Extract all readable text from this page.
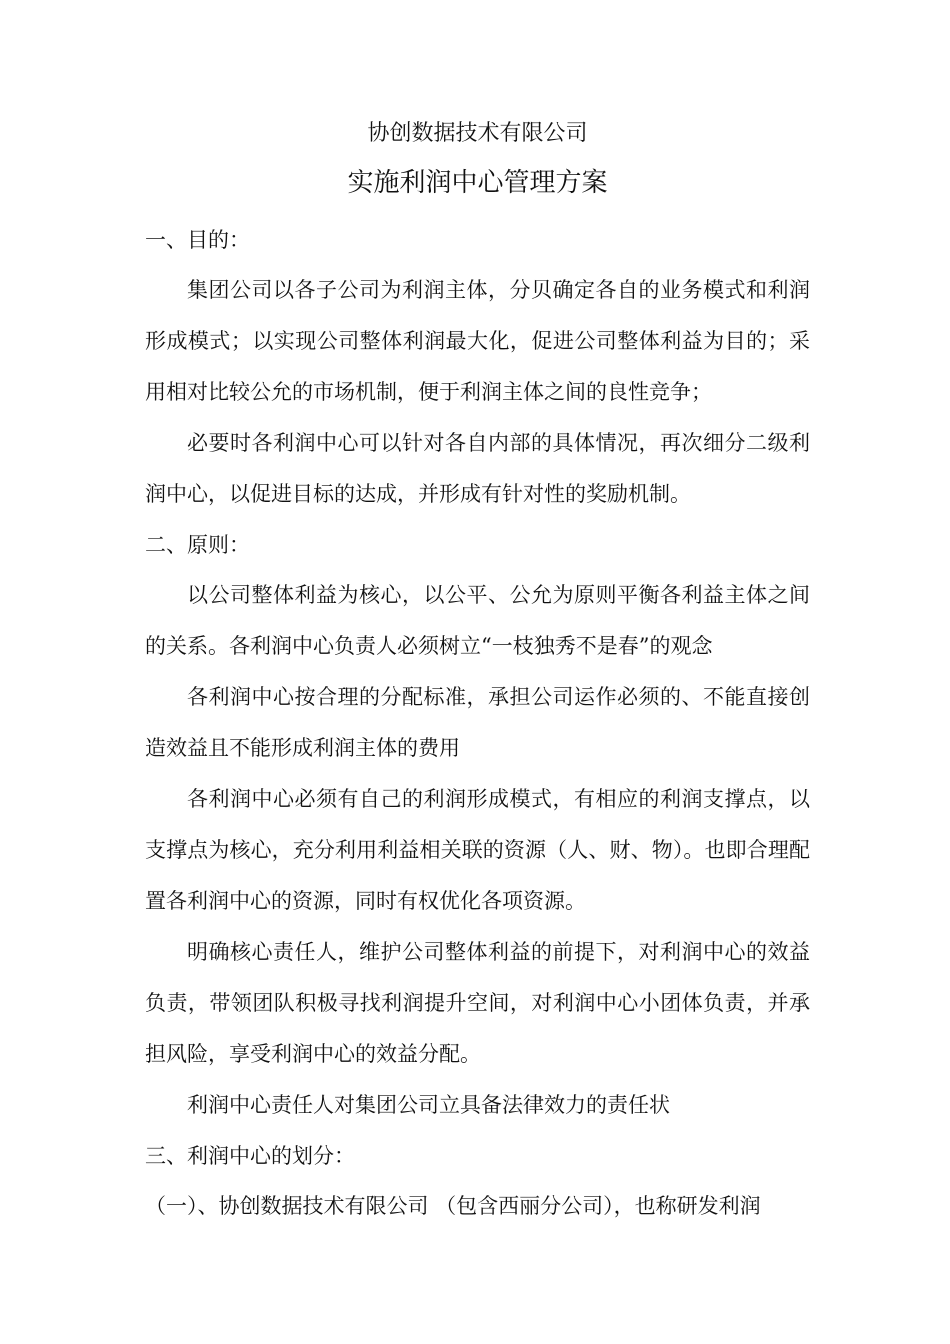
协创数据技术有限公司
实施利润中心管理方案
一、目的：

集团公司以各子公司为利润主体，分贝确定各自的业务模式和利润形成模式；以实现公司整体利润最大化，促进公司整体利益为目的；采用相对比较公允的市场机制，便于利润主体之间的良性竞争；

必要时各利润中心可以针对各自内部的具体情况，再次细分二级利润中心，以促进目标的达成，并形成有针对性的奖励机制。

二、原则：

以公司整体利益为核心，以公平、公允为原则平衡各利益主体之间的关系。各利润中心负责人必须树立“一枝独秀不是春”的观念

各利润中心按合理的分配标准，承担公司运作必须的、不能直接创造效益且不能形成利润主体的费用

各利润中心必须有自己的利润形成模式，有相应的利润支撑点，以支撑点为核心，充分利用利益相关联的资源（人、财、物）。也即合理配置各利润中心的资源，同时有权优化各项资源。

明确核心责任人，维护公司整体利益的前提下，对利润中心的效益负责，带领团队积极寻找利润提升空间，对利润中心小团体负责，并承担风险，享受利润中心的效益分配。

利润中心责任人对集团公司立具备法律效力的责任状

三、利润中心的划分：

（一）、协创数据技术有限公司 （包含西丽分公司），也称研发利润
